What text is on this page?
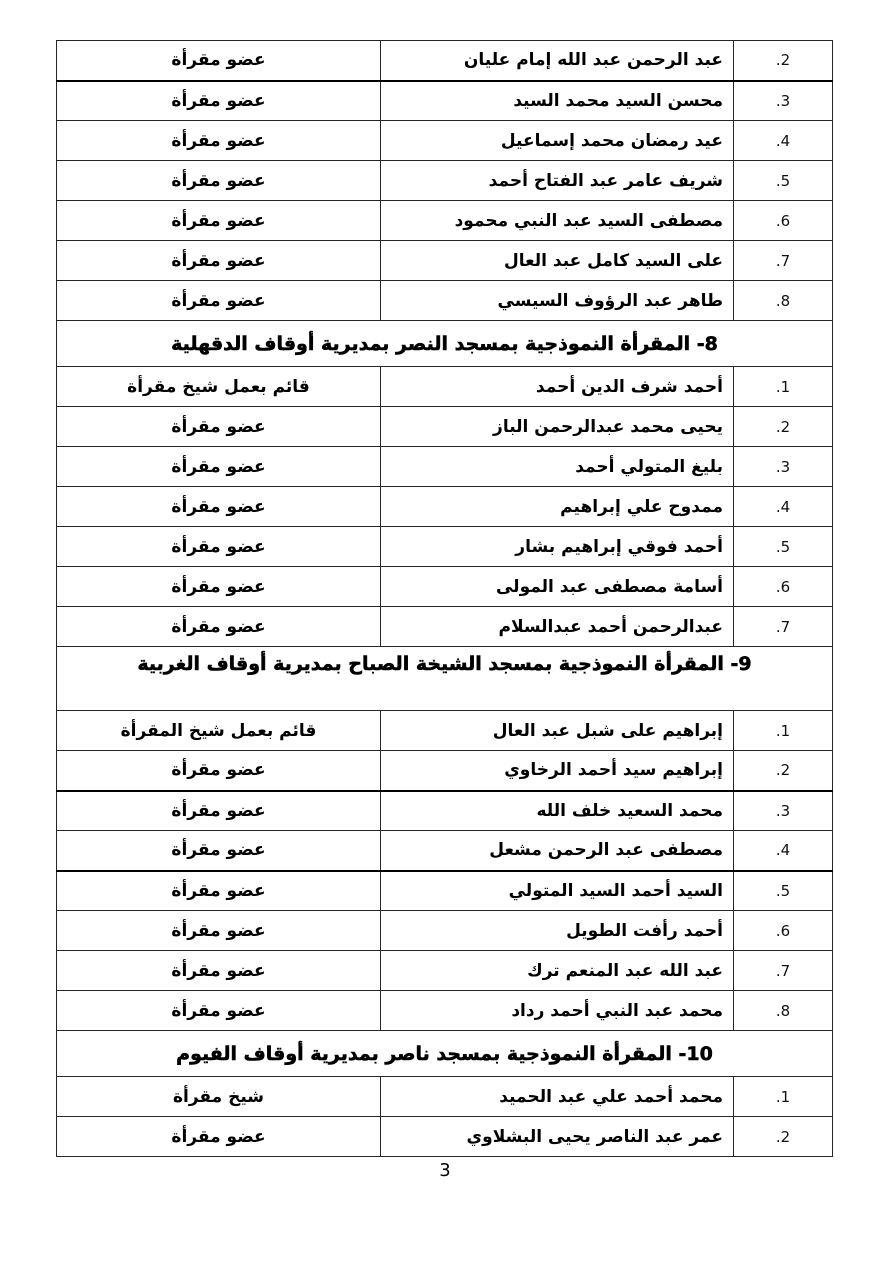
2.	عبد الرحمن عبد الله إمام عليان	عضو مقرأة
3.	محسن السيد محمد السيد	عضو مقرأة
4.	عيد رمضان محمد إسماعيل	عضو مقرأة
5.	شريف عامر عبد الفتاح أحمد	عضو مقرأة
6.	مصطفى السيد عبد النبي محمود	عضو مقرأة
7.	على السيد كامل عبد العال	عضو مقرأة
8.	طاهر عبد الرؤوف السيسي	عضو مقرأة
8- المقرأة النموذجية بمسجد النصر بمديرية أوقاف الدقهلية		
1.	أحمد شرف الدين أحمد	قائم بعمل شيخ مقرأة
2.	يحيى محمد عبدالرحمن الباز	عضو مقرأة
3.	بليغ المتولي أحمد	عضو مقرأة
4.	ممدوح علي إبراهيم	عضو مقرأة
5.	أحمد فوقي إبراهيم بشار	عضو مقرأة
6.	أسامة مصطفى عبد المولى	عضو مقرأة
7.	عبدالرحمن أحمد عبدالسلام	عضو مقرأة
9- المقرأة النموذجية بمسجد الشيخة الصباح بمديرية أوقاف الغربية		
1.	إبراهيم على شبل عبد العال	قائم بعمل شيخ المقرأة
2.	إبراهيم سيد أحمد الرخاوي	عضو مقرأة
3.	محمد السعيد خلف الله	عضو مقرأة
4.	مصطفى عبد الرحمن مشعل	عضو مقرأة
5.	السيد أحمد السيد المتولي	عضو مقرأة
6.	أحمد رأفت الطويل	عضو مقرأة
7.	عبد الله عبد المنعم ترك	عضو مقرأة
8.	محمد عبد النبي أحمد رداد	عضو مقرأة
10- المقرأة النموذجية بمسجد ناصر بمديرية أوقاف الفيوم		
1.	محمد أحمد علي عبد الحميد	شيخ مقرأة
2.	عمر عبد الناصر يحيى البشلاوي	عضو مقرأة
3
